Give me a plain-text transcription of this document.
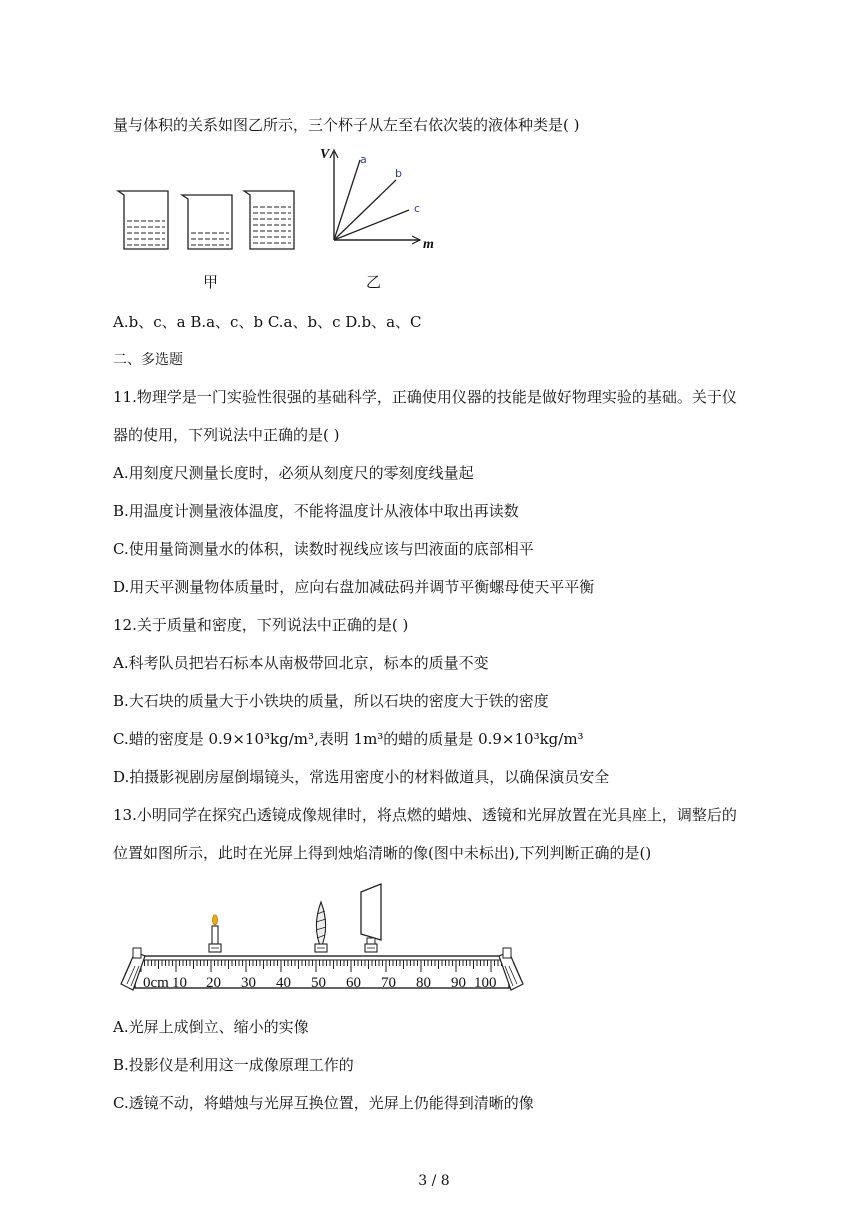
量与体积的关系如图乙所示，三个杯子从左至右依次装的液体种类是( )
甲
V
m
a
b
c
乙
A.b、c、a B.a、c、b C.a、b、c D.b、a、C
二、多选题
11.物理学是一门实验性很强的基础科学，正确使用仪器的技能是做好物理实验的基础。关于仪
器的使用，下列说法中正确的是( )
A.用刻度尺测量长度时，必须从刻度尺的零刻度线量起
B.用温度计测量液体温度，不能将温度计从液体中取出再读数
C.使用量筒测量水的体积，读数时视线应该与凹液面的底部相平
D.用天平测量物体质量时，应向右盘加减砝码并调节平衡螺母使天平平衡
12.关于质量和密度，下列说法中正确的是( )
A.科考队员把岩石标本从南极带回北京，标本的质量不变
B.大石块的质量大于小铁块的质量，所以石块的密度大于铁的密度
C.蜡的密度是 0.9×10³kg/m³,表明 1m³的蜡的质量是 0.9×10³kg/m³
D.拍摄影视剧房屋倒塌镜头，常选用密度小的材料做道具，以确保演员安全
13.小明同学在探究凸透镜成像规律时，将点燃的蜡烛、透镜和光屏放置在光具座上，调整后的
位置如图所示，此时在光屏上得到烛焰清晰的像(图中未标出),下列判断正确的是()
0cm 10 20 30 40 50 60 70 80 90 100
A.光屏上成倒立、缩小的实像
B.投影仪是利用这一成像原理工作的
C.透镜不动，将蜡烛与光屏互换位置，光屏上仍能得到清晰的像
3 / 8
